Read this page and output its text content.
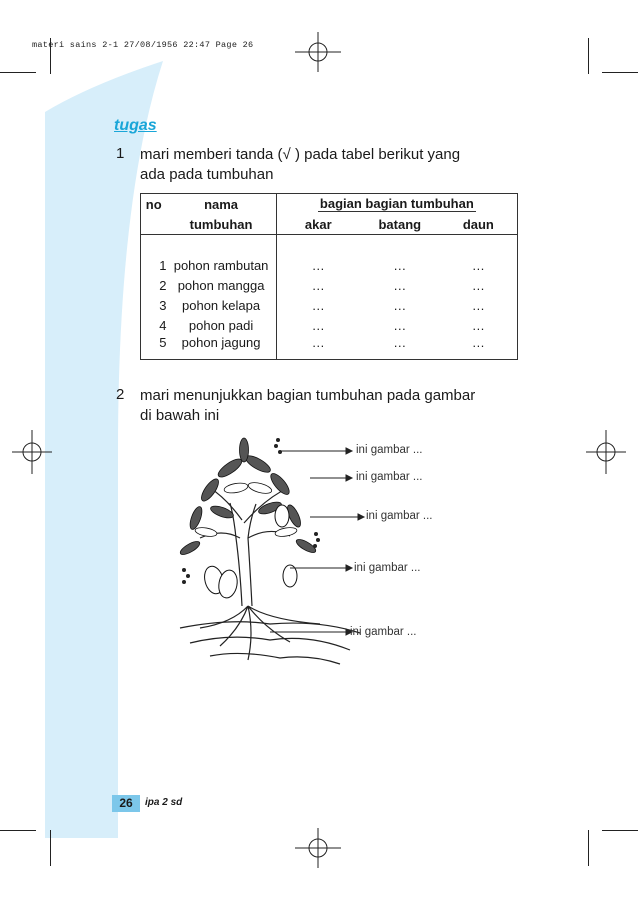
materi sains 2-1 27/08/1956 22:47 Page 26
tugas
1 mari memberi tanda (√ ) pada tabel berikut yang
ada pada tumbuhan
no	nama	bagian bagian tumbuhan		
	tumbuhan	akar	batang	daun

1	pohon rambutan	…	…	…
2	pohon mangga	…	…	…
3	pohon kelapa	…	…	…
4	pohon padi	…	…	…
5	pohon jagung	…	…	…
2 mari menunjukkan bagian tumbuhan pada gambar
di bawah ini
ini gambar ...
ini gambar ...
ini gambar ...
ini gambar ...
ini gambar ...
26	ipa 2 sd
